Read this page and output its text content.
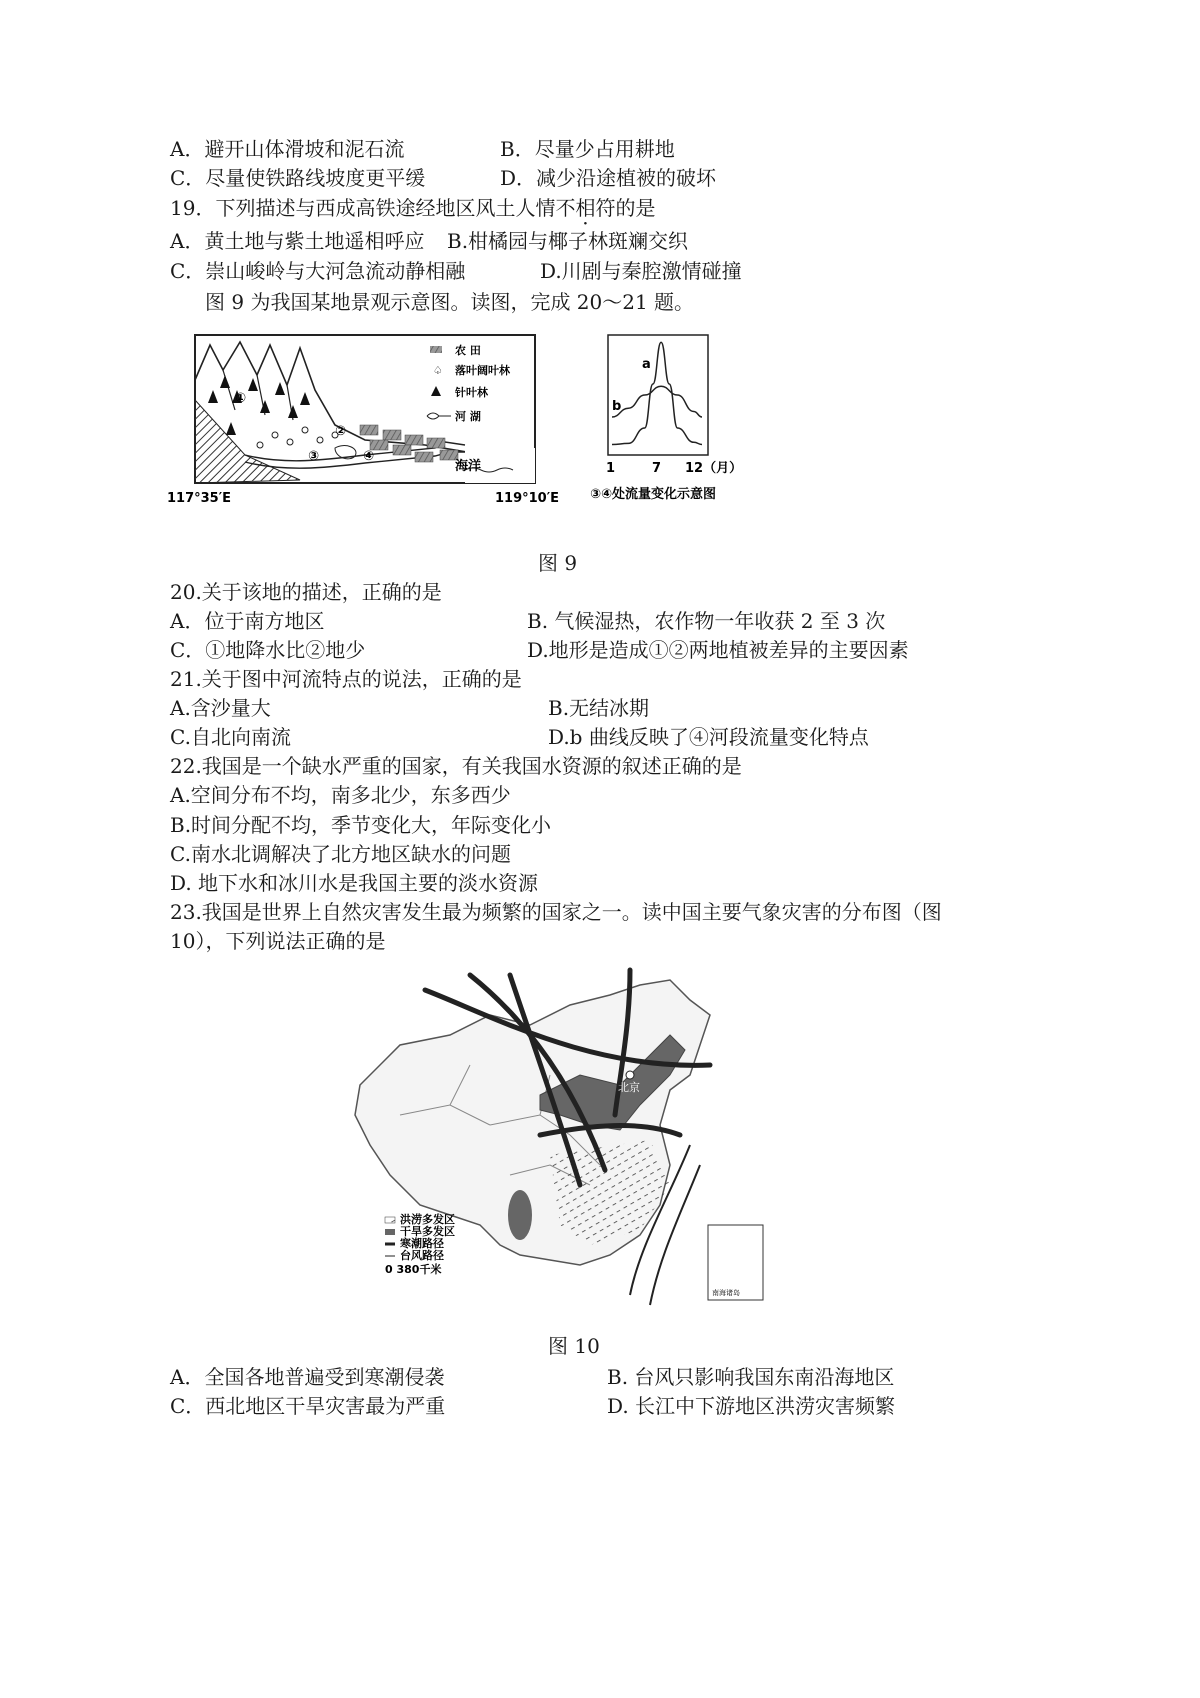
A．避开山体滑坡和泥石流	B．尽量少占用耕地
C．尽量使铁路线坡度更平缓	D．减少沿途植被的破坏
19．下列描述与西成高铁途经地区风土人情不相符的是
A．黄土地与紫土地遥相呼应 B.柑橘园与椰子林斑斓交织
C．崇山峻岭与大河急流动静相融	D.川剧与秦腔激情碰撞
图 9 为我国某地景观示意图。读图，完成 20～21 题。
①
②
③	④
海洋
农 田
♤ 落叶阔叶林
针叶林
河 湖
117°35′E	119°10′E
a
b
1	7 12（月）
③④处流量变化示意图
图 9
20.关于该地的描述，正确的是
A．位于南方地区	B. 气候湿热，农作物一年收获 2 至 3 次
C．①地降水比②地少	D.地形是造成①②两地植被差异的主要因素
21.关于图中河流特点的说法，正确的是
A.含沙量大	B.无结冰期
C.自北向南流	D.b 曲线反映了④河段流量变化特点
22.我国是一个缺水严重的国家，有关我国水资源的叙述正确的是
A.空间分布不均，南多北少，东多西少
B.时间分配不均，季节变化大，年际变化小
C.南水北调解决了北方地区缺水的问题
D. 地下水和冰川水是我国主要的淡水资源
23.我国是世界上自然灾害发生最为频繁的国家之一。读中国主要气象灾害的分布图（图
10），下列说法正确的是
北京
南海诸岛
洪涝多发区
干旱多发区
寒潮路径
台风路径
0 380千米
图 10
A．全国各地普遍受到寒潮侵袭	B. 台风只影响我国东南沿海地区
C．西北地区干旱灾害最为严重	D. 长江中下游地区洪涝灾害频繁
